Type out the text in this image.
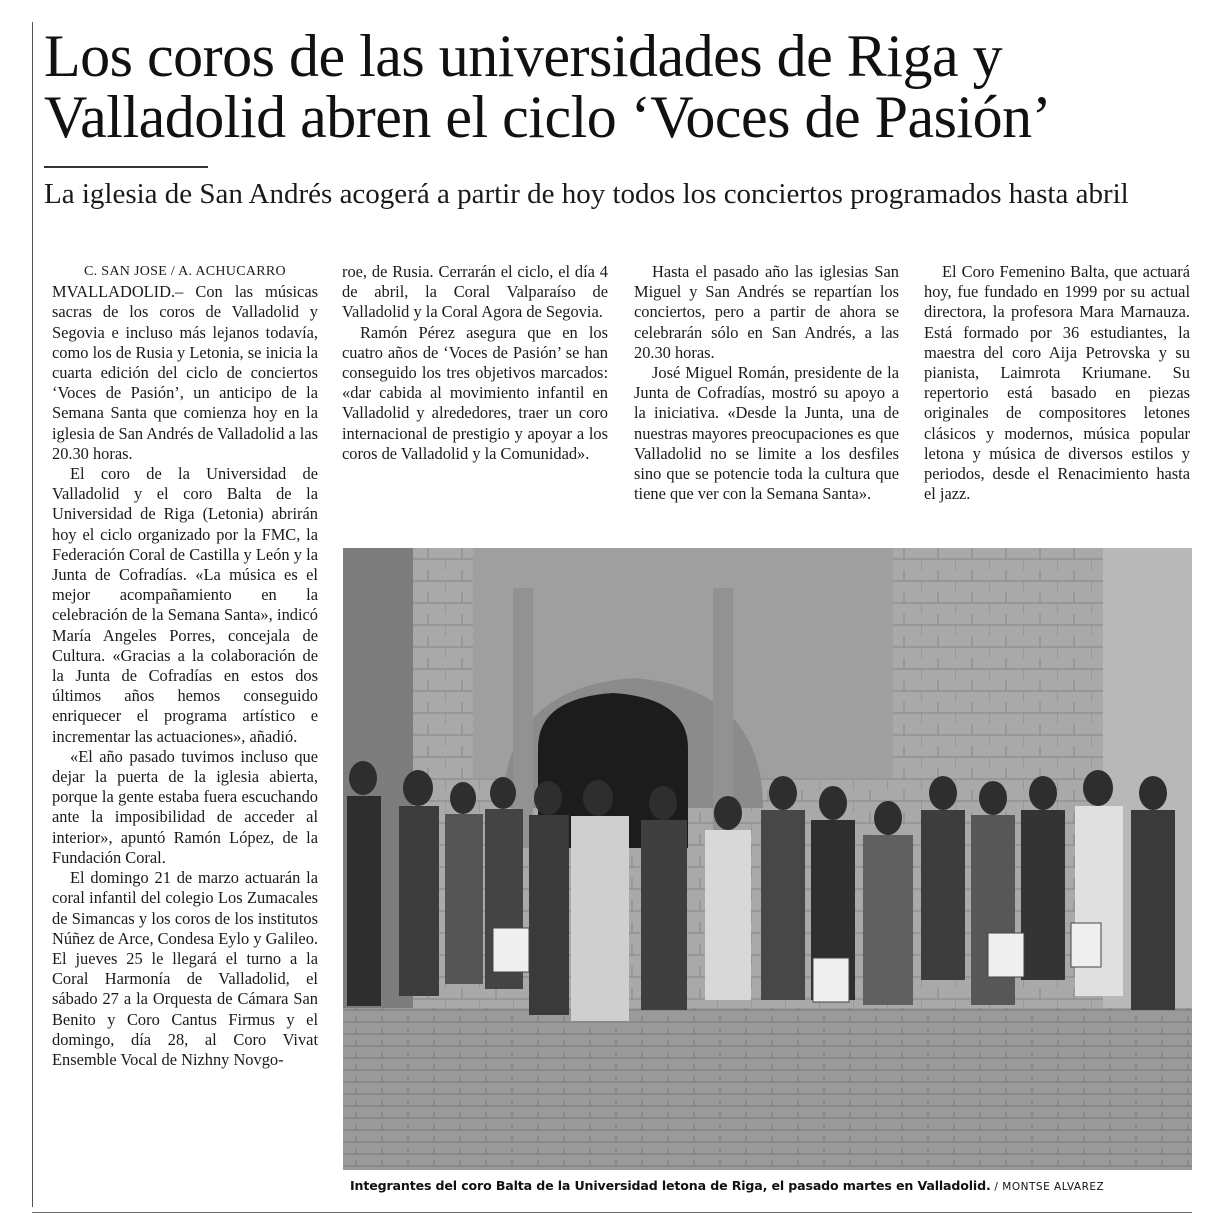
Los coros de las universidades de Riga y Valladolid abren el ciclo ‘Voces de Pasión’
La iglesia de San Andrés acogerá a partir de hoy todos los conciertos programados hasta abril

C. SAN JOSE / A. ACHUCARRO

MVALLADOLID.– Con las músicas sacras de los coros de Valladolid y Segovia e incluso más lejanos todavía, como los de Rusia y Letonia, se inicia la cuarta edición del ciclo de conciertos ‘Voces de Pasión’, un anticipo de la Semana Santa que comienza hoy en la iglesia de San Andrés de Valladolid a las 20.30 horas.

El coro de la Universidad de Valladolid y el coro Balta de la Universidad de Riga (Letonia) abrirán hoy el ciclo organizado por la FMC, la Federación Coral de Castilla y León y la Junta de Cofradías. «La música es el mejor acompañamiento en la celebración de la Semana Santa», indicó María Angeles Porres, concejala de Cultura. «Gracias a la colaboración de la Junta de Cofradías en estos dos últimos años hemos conseguido enriquecer el programa artístico e incrementar las actuaciones», añadió.

«El año pasado tuvimos incluso que dejar la puerta de la iglesia abierta, porque la gente estaba fuera escuchando ante la imposibilidad de acceder al interior», apuntó Ramón López, de la Fundación Coral.

El domingo 21 de marzo actuarán la coral infantil del colegio Los Zumacales de Simancas y los coros de los institutos Núñez de Arce, Condesa Eylo y Galileo. El jueves 25 le llegará el turno a la Coral Harmonía de Valladolid, el sábado 27 a la Orquesta de Cámara San Benito y Coro Cantus Firmus y el domingo, día 28, al Coro Vivat Ensemble Vocal de Nizhny Novgo-

roe, de Rusia. Cerrarán el ciclo, el día 4 de abril, la Coral Valparaíso de Valladolid y la Coral Agora de Segovia.

Ramón Pérez asegura que en los cuatro años de ‘Voces de Pasión’ se han conseguido los tres objetivos marcados: «dar cabida al movimiento infantil en Valladolid y alrededores, traer un coro internacional de prestigio y apoyar a los coros de Valladolid y la Comunidad».

Hasta el pasado año las iglesias San Miguel y San Andrés se repartían los conciertos, pero a partir de ahora se celebrarán sólo en San Andrés, a las 20.30 horas.

José Miguel Román, presidente de la Junta de Cofradías, mostró su apoyo a la iniciativa. «Desde la Junta, una de nuestras mayores preocupaciones es que Valladolid no se limite a los desfiles sino que se potencie toda la cultura que tiene que ver con la Semana Santa».

El Coro Femenino Balta, que actuará hoy, fue fundado en 1999 por su actual directora, la profesora Mara Marnauza. Está formado por 36 estudiantes, la maestra del coro Aija Petrovska y su pianista, Laimrota Kriumane. Su repertorio está basado en piezas originales de compositores letones clásicos y modernos, música popular letona y música de diversos estilos y periodos, desde el Renacimiento hasta el jazz.

Integrantes del coro Balta de la Universidad letona de Riga, el pasado martes en Valladolid. / MONTSE ALVAREZ
